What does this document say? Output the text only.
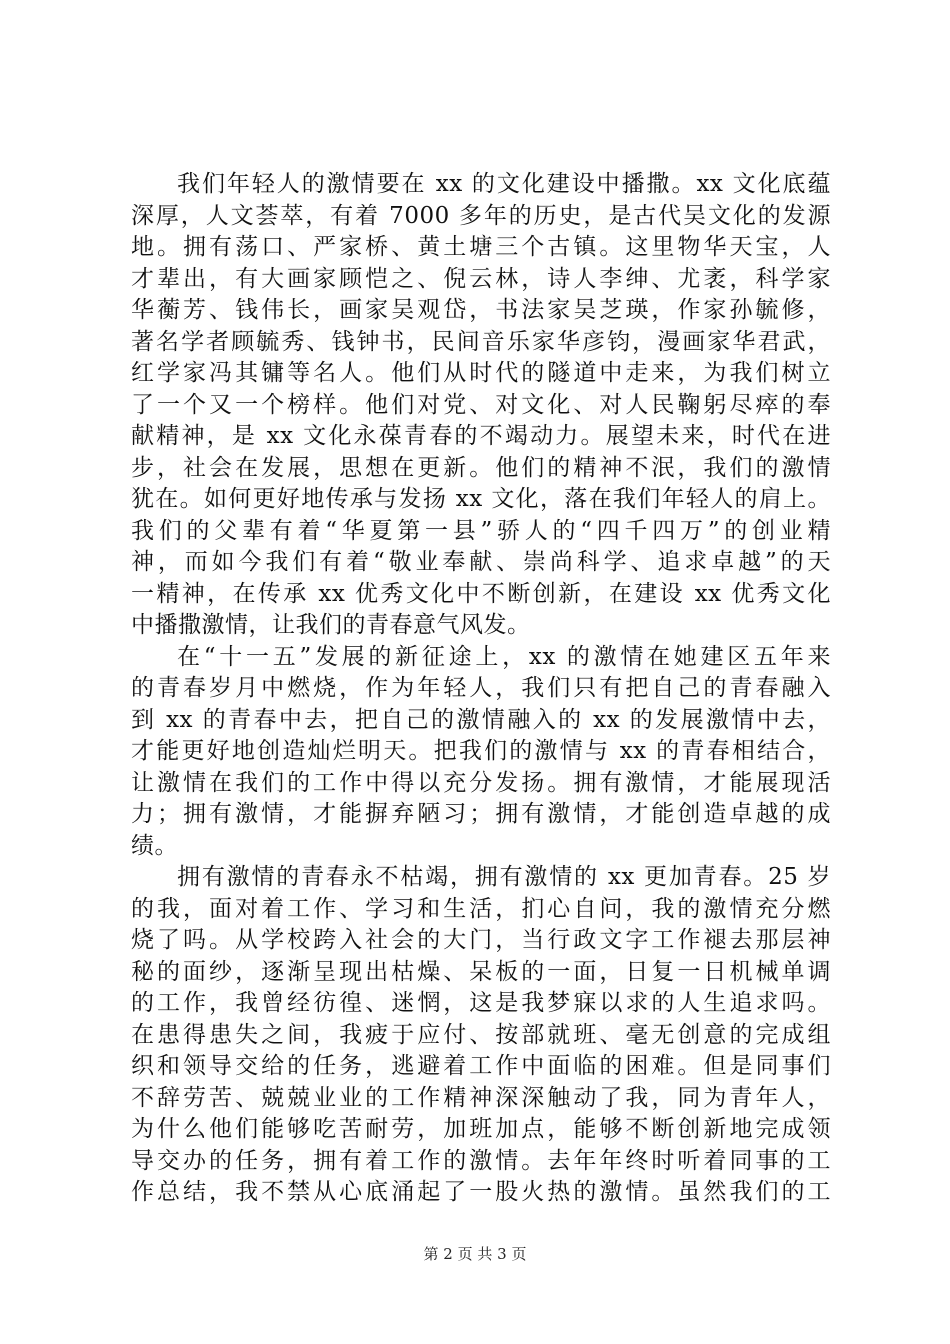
我们年轻人的激情要在 xx 的文化建设中播撒。xx 文化底蕴
深厚，人文荟萃，有着 7000 多年的历史，是古代吴文化的发源
地。拥有荡口、严家桥、黄土塘三个古镇。这里物华天宝，人
才辈出，有大画家顾恺之、倪云林，诗人李绅、尤袤，科学家
华蘅芳、钱伟长，画家吴观岱，书法家吴芝瑛，作家孙毓修，
著名学者顾毓秀、钱钟书，民间音乐家华彦钧，漫画家华君武，
红学家冯其镛等名人。他们从时代的隧道中走来，为我们树立
了一个又一个榜样。他们对党、对文化、对人民鞠躬尽瘁的奉
献精神，是 xx 文化永葆青春的不竭动力。展望未来，时代在进
步，社会在发展，思想在更新。他们的精神不泯，我们的激情
犹在。如何更好地传承与发扬 xx 文化，落在我们年轻人的肩上。
我们的父辈有着“华夏第一县”骄人的“四千四万”的创业精
神，而如今我们有着“敬业奉献、崇尚科学、追求卓越”的天
一精神，在传承 xx 优秀文化中不断创新，在建设 xx 优秀文化
中播撒激情，让我们的青春意气风发。
在“十一五”发展的新征途上，xx 的激情在她建区五年来
的青春岁月中燃烧，作为年轻人，我们只有把自己的青春融入
到 xx 的青春中去，把自己的激情融入的 xx 的发展激情中去，
才能更好地创造灿烂明天。把我们的激情与 xx 的青春相结合，
让激情在我们的工作中得以充分发扬。拥有激情，才能展现活
力；拥有激情，才能摒弃陋习；拥有激情，才能创造卓越的成
绩。
拥有激情的青春永不枯竭，拥有激情的 xx 更加青春。25 岁
的我，面对着工作、学习和生活，扪心自问，我的激情充分燃
烧了吗。从学校跨入社会的大门，当行政文字工作褪去那层神
秘的面纱，逐渐呈现出枯燥、呆板的一面，日复一日机械单调
的工作，我曾经彷徨、迷惘，这是我梦寐以求的人生追求吗。
在患得患失之间，我疲于应付、按部就班、毫无创意的完成组
织和领导交给的任务，逃避着工作中面临的困难。但是同事们
不辞劳苦、兢兢业业的工作精神深深触动了我，同为青年人，
为什么他们能够吃苦耐劳，加班加点，能够不断创新地完成领
导交办的任务，拥有着工作的激情。去年年终时听着同事的工
作总结，我不禁从心底涌起了一股火热的激情。虽然我们的工
第 2 页 共 3 页
